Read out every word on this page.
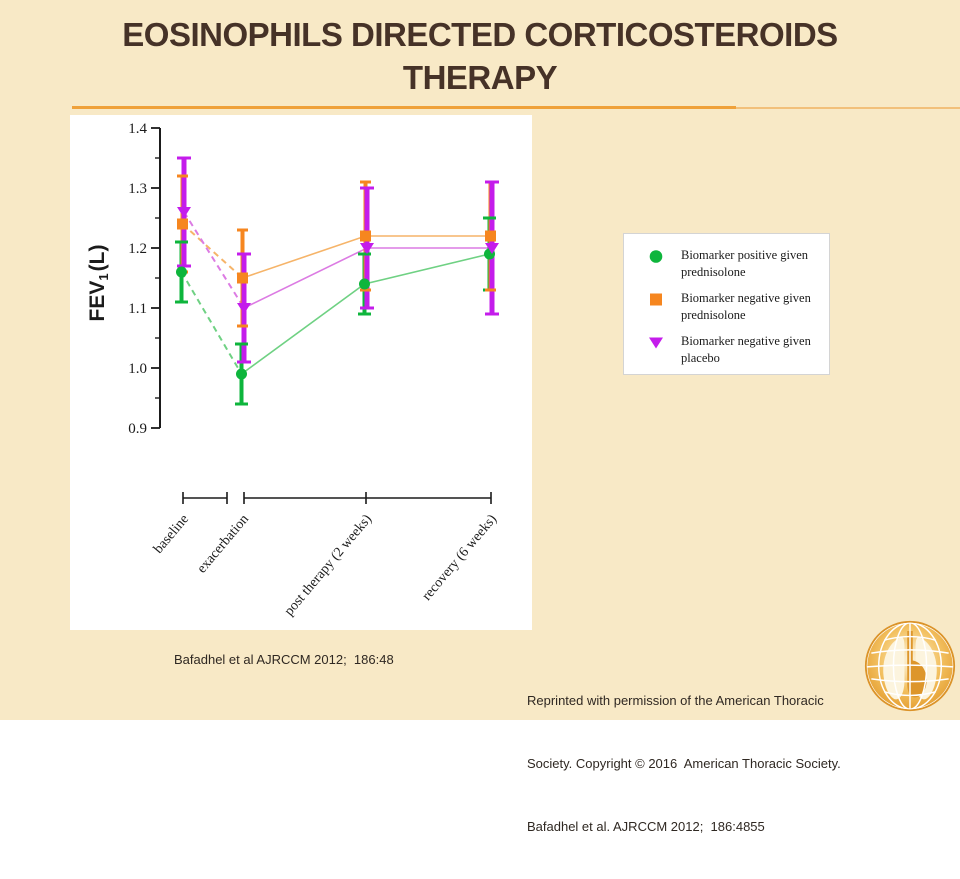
EOSINOPHILS DIRECTED CORTICOSTEROIDS
THERAPY
0.9
1.0
1.1
1.2
1.3
1.4
FEV1(L)
baseline exacerbation post therapy (2 weeks)	recovery (6 weeks)
Biomarker positive given prednisolone
Biomarker negative given prednisolone
Biomarker negative given placebo
Bafadhel et al AJRCCM 2012;  186:48

Reprinted with permission of the American Thoracic

Society. Copyright © 2016  American Thoracic Society.

Bafadhel et al. AJRCCM 2012;  186:4855
